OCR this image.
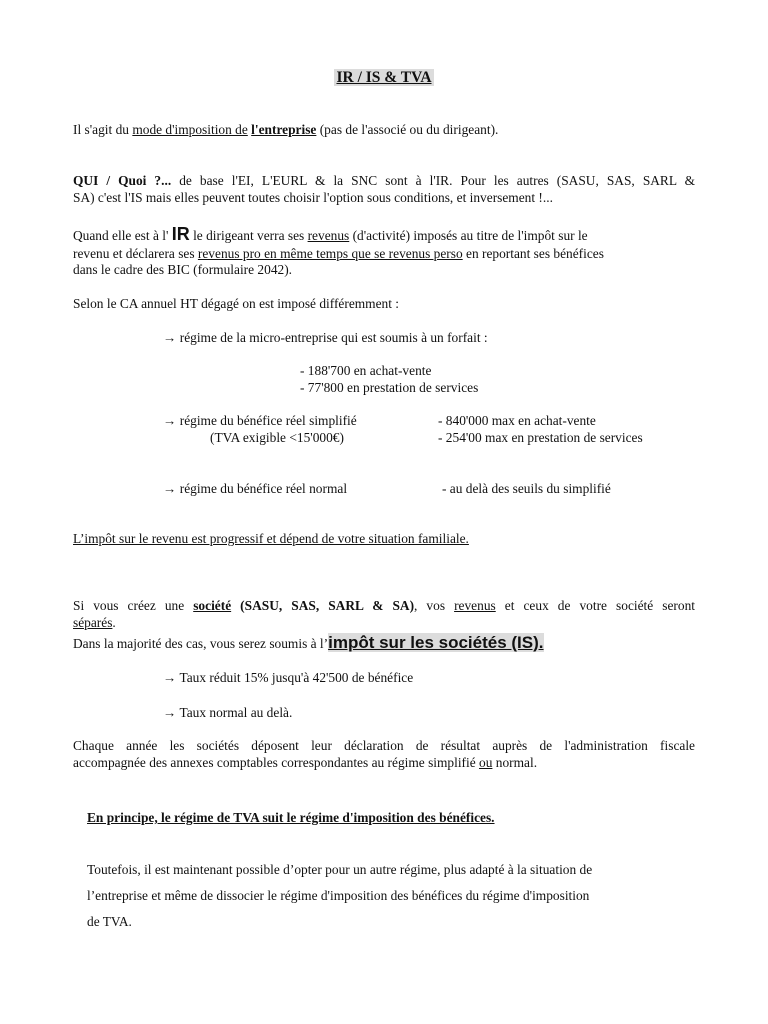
IR / IS & TVA
Il s'agit du mode d'imposition de l'entreprise (pas de l'associé ou du dirigeant).
QUI / Quoi ?... de base l'EI, L'EURL & la SNC sont à l'IR. Pour les autres (SASU, SAS, SARL &
SA) c'est l'IS mais elles peuvent toutes choisir l'option sous conditions, et inversement !...
Quand elle est à l' IR le dirigeant verra ses revenus (d'activité) imposés au titre de l'impôt sur le
revenu et déclarera ses revenus pro en même temps que se revenus perso en reportant ses bénéfices
dans le cadre des BIC (formulaire 2042).
Selon le CA annuel HT dégagé on est imposé différemment :
→ régime de la micro-entreprise qui est soumis à un forfait :
- 188'700 en achat-vente
- 77'800 en prestation de services
→ régime du bénéfice réel simplifié
(TVA exigible <15'000€)
- 840'000 max en achat-vente
- 254'00 max en prestation de services
→ régime du bénéfice réel normal	- au delà des seuils du simplifié
L’impôt sur le revenu est progressif et dépend de votre situation familiale.
Si vous créez une société (SASU, SAS, SARL & SA), vos revenus et ceux de votre société seront
séparés.
Dans la majorité des cas, vous serez soumis à l’impôt sur les sociétés (IS).
→ Taux réduit 15% jusqu'à 42'500 de bénéfice
→ Taux normal au delà.
Chaque année les sociétés déposent leur déclaration de résultat auprès de l'administration fiscale
accompagnée des annexes comptables correspondantes au régime simplifié ou normal.
En principe, le régime de TVA suit le régime d'imposition des bénéfices.
Toutefois, il est maintenant possible d’opter pour un autre régime, plus adapté à la situation de
l’entreprise et même de dissocier le régime d'imposition des bénéfices du régime d'imposition
de TVA.
